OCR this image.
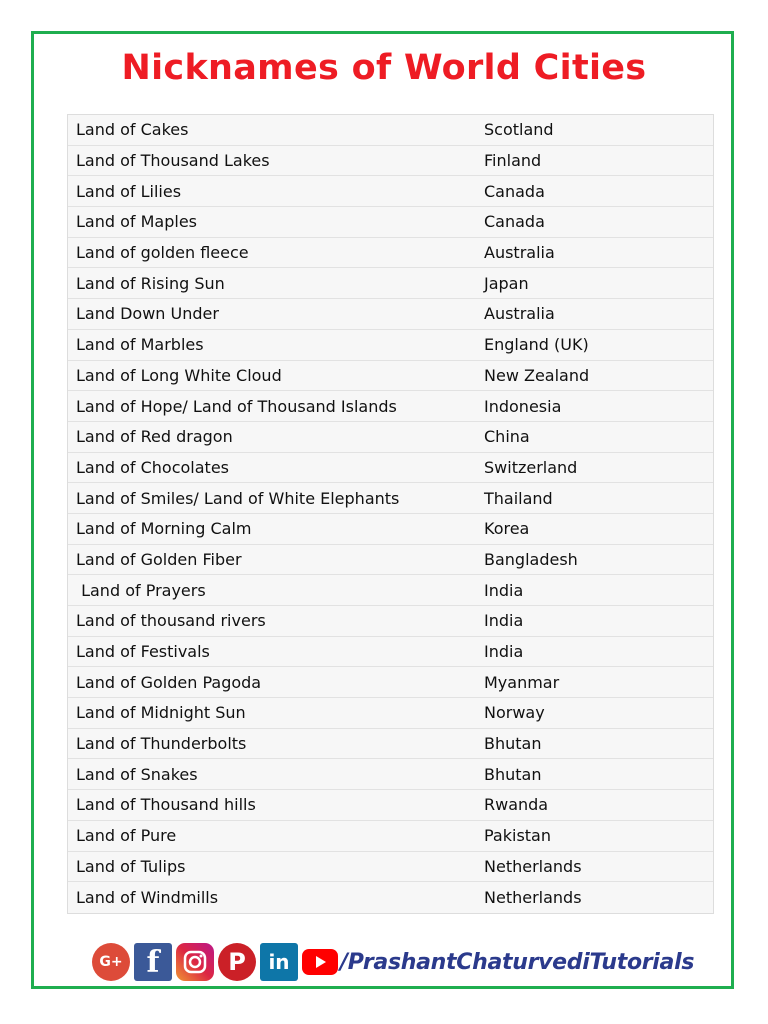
Nicknames of World Cities
Land of Cakes	Scotland
Land of Thousand Lakes	Finland
Land of Lilies	Canada
Land of Maples	Canada
Land of golden fleece	Australia
Land of Rising Sun	Japan
Land Down Under	Australia
Land of Marbles	England (UK)
Land of Long White Cloud	New Zealand
Land of Hope/ Land of Thousand Islands	Indonesia
Land of Red dragon	China
Land of Chocolates	Switzerland
Land of Smiles/ Land of White Elephants	Thailand
Land of Morning Calm	Korea
Land of Golden Fiber	Bangladesh
Land of Prayers	India
Land of thousand rivers	India
Land of Festivals	India
Land of Golden Pagoda	Myanmar
Land of Midnight Sun	Norway
Land of Thunderbolts	Bhutan
Land of Snakes	Bhutan
Land of Thousand hills	Rwanda
Land of Pure	Pakistan
Land of Tulips	Netherlands
Land of Windmills	Netherlands
G+ f	P	in	/PrashantChaturvediTutorials
